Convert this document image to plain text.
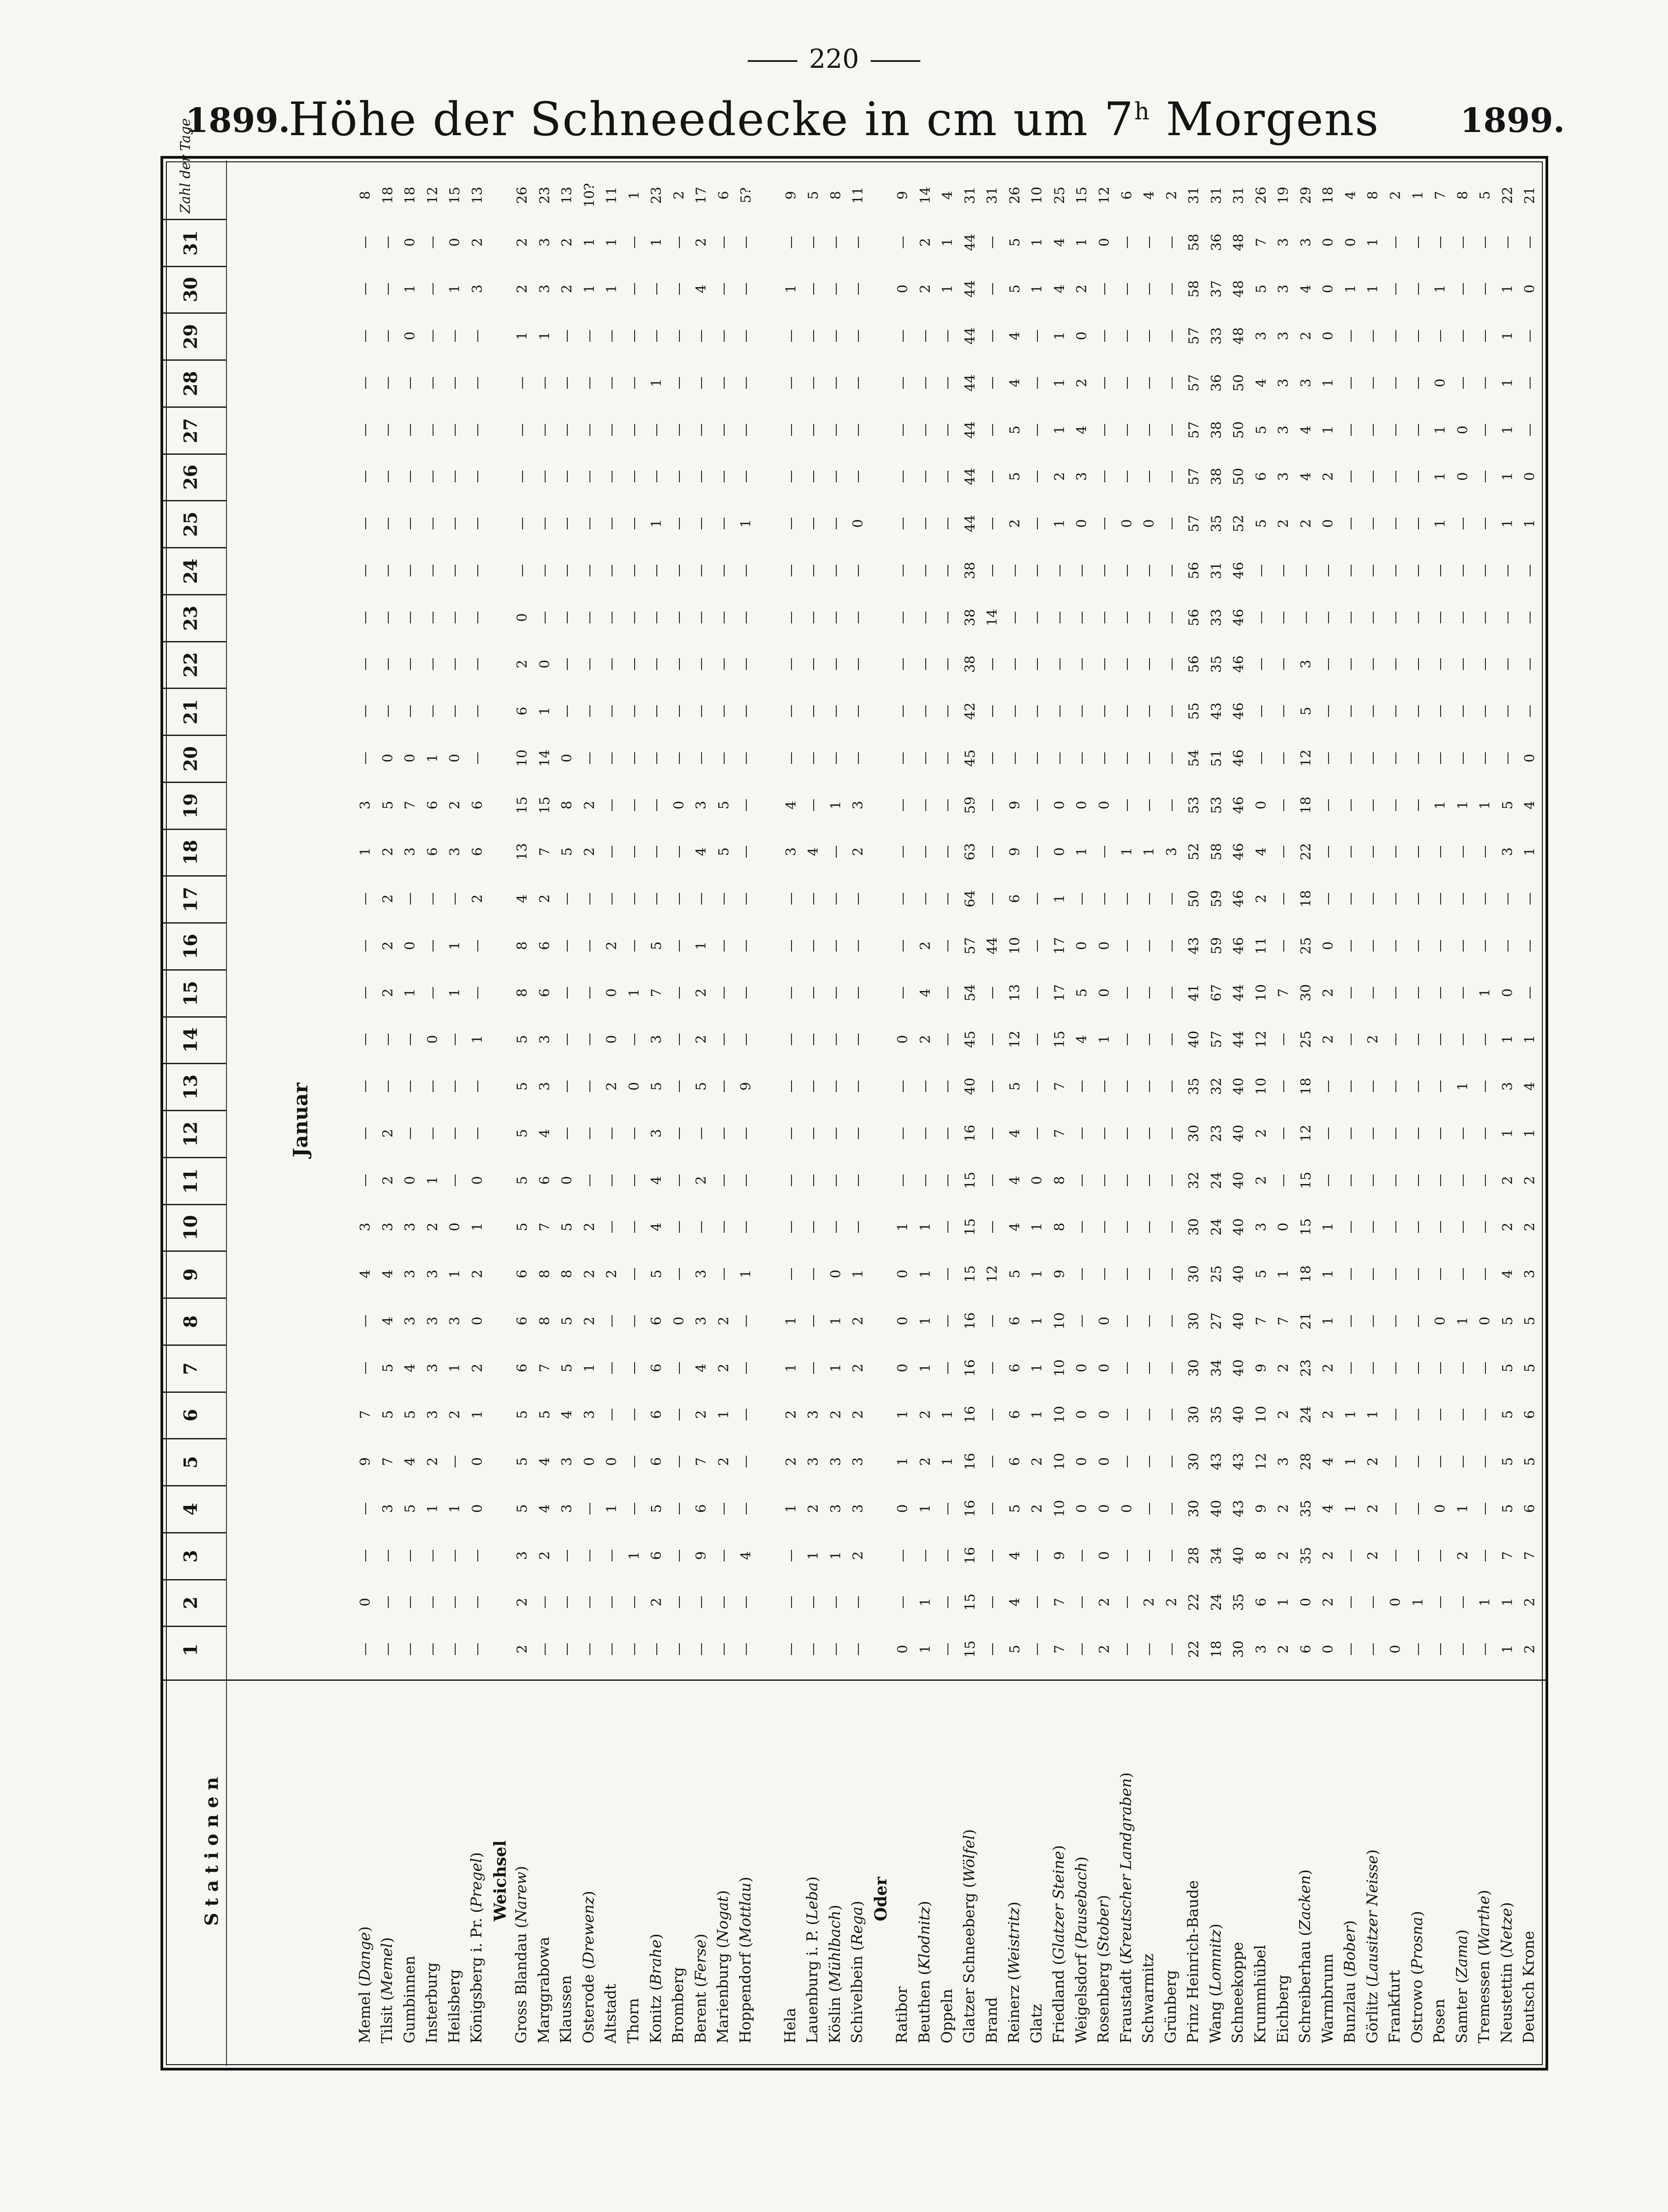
220
1899.
Höhe der Schneedecke in cm um 7$^h$ Morgens	1899.
Stationen
Januar
Zahl der Tage
31
30
29
28
27
26
25
24
23
22
21
20
19
18
17
16
15
14
13
12
11
10
9
8
7
6
5
4
3
2
1
Memel (Dange)
0
9
7
4
3
1
3
8
Tilsit (Memel)
3
7
5
5
4
4
3
2
2
2
2
2
2
5
0
18
Gumbinnen
5
4
5
4
3
3
3
0
1
0
3
7
0
0
1
0
18
Insterburg
1
2
3
3
3
3
2
1
0
6
6
1
12
Heilsberg
1
2
1
3
1
0
1
1
3
2
0
1
0
15
Königsberg i. Pr. (Pregel)
0
0
1
2
0
2
1
0
1
2
6
6
3
2
13
Weichsel
Gross Blandau (Narew)
2
2
3
5
5
5
6
6
6
5
5
5
5
5
8
8
4
13
15
10
6
2
0
1
2
2
26
Marggrabowa
2
4
4
5
7
8
8
7
6
4
3
3
6
6
2
7
15
14
1
0
1
3
3
23
Klaussen
3
3
4
5
5
8
5
0
5
8
0
2
2
13
Osterode (Drewenz)
0
3
1
2
2
2
2
2
1
1
10?
Altstadt
1
0
2
2
0
0
2
1
1
11
Thorn
1
0
1
1
Konitz (Brahe)
2
6
5
6
6
6
6
5
4
4
3
5
3
7
5
1
1
1
23
Bromberg
0
0
2
Berent (Ferse)
9
6
7
2
4
3
3
2
5
2
2
1
4
3
4
2
17
Marienburg (Nogat)
2
1
2
2
5
5
6
Hoppendorf (Mottlau)
4
1
9
1
5?
Hela
1
2
2
1
1
3
4
1
9
Lauenburg i. P. (Leba)
1
2
3
3
4
5
Köslin (Mühlbach)
1
3
3
2
1
1
0
1
8
Schivelbein (Rega)
2
3
3
2
2
2
1
2
3
0
11
Oder
Ratibor
0
0
1
1
0
0
0
1
0
0
9
Beuthen (Klodnitz)
1
1
1
2
2
1
1
1
1
2
4
2
2
2
14
Oppeln
1
1
1
1
4
Glatzer Schneeberg (Wölfel)
15
15
16
16
16
16
16
16
15
15
15
16
40
45
54
57
64
63
59
45
42
38
38
38
44
44
44
44
44
44
44
31
Brand
12
44
14
31
Reinerz (Weistritz)
5
4
4
5
6
6
6
6
5
4
4
4
5
12
13
10
6
9
9
2
5
5
4
4
5
5
26
Glatz
2
2
1
1
1
1
1
0
1
1
10
Friedland (Glatzer Steine)
7
7
9
10
10
10
10
10
9
8
8
7
7
15
17
17
1
0
0
1
2
1
1
1
4
4
25
Weigelsdorf (Pausebach)
0
0
0
0
4
5
0
1
0
0
3
4
2
0
2
1
15
Rosenberg (Stober)
2
2
0
0
0
0
0
0
1
0
0
0
0
12
Fraustadt (Kreutscher Landgraben)
0
1
0
6
Schwarmitz
2
1
0
4
Grünberg
2
3
2
Prinz Heinrich-Baude
22
22
28
30
30
30
30
30
30
30
32
30
35
40
41
43
50
52
53
54
55
56
56
56
57
57
57
57
57
58
58
31
Wang (Lomnitz)
18
24
34
40
43
35
34
27
25
24
24
23
32
57
67
59
59
58
53
51
43
35
33
31
35
38
38
36
33
37
36
31
Schneekoppe
30
35
40
43
43
40
40
40
40
40
40
40
40
44
44
46
46
46
46
46
46
46
46
46
52
50
50
50
48
48
48
31
Krummhübel
3
6
8
9
12
10
9
7
5
3
2
2
10
12
10
11
2
4
0
5
6
5
4
3
5
7
26
Eichberg
2
1
2
2
3
2
2
7
1
0
7
2
3
3
3
3
3
3
19
Schreiberhau (Zacken)
6
0
35
35
28
24
23
21
18
15
15
12
18
25
30
25
18
22
18
12
5
3
2
4
4
3
2
4
3
29
Warmbrunn
0
2
2
4
4
2
2
1
1
1
2
2
0
0
2
1
1
0
0
0
18
Bunzlau (Bober)
1
1
1
1
0
4
Görlitz (Lausitzer Neisse)
2
2
2
1
2
1
1
8
Frankfurt
0
0
2
Ostrowo (Prosna)
1
1
Posen
0
0
1
1
1
1
0
1
7
Samter (Zama)
2
1
1
1
1
0
0
8
Tremessen (Warthe)
1
0
1
1
5
Neustettin (Netze)
1
1
7
5
5
5
5
5
4
2
2
1
3
1
0
3
5
1
1
1
1
1
1
22
Deutsch Krone
2
2
7
6
5
6
5
5
3
2
2
1
4
1
1
4
0
1
0
0
21
